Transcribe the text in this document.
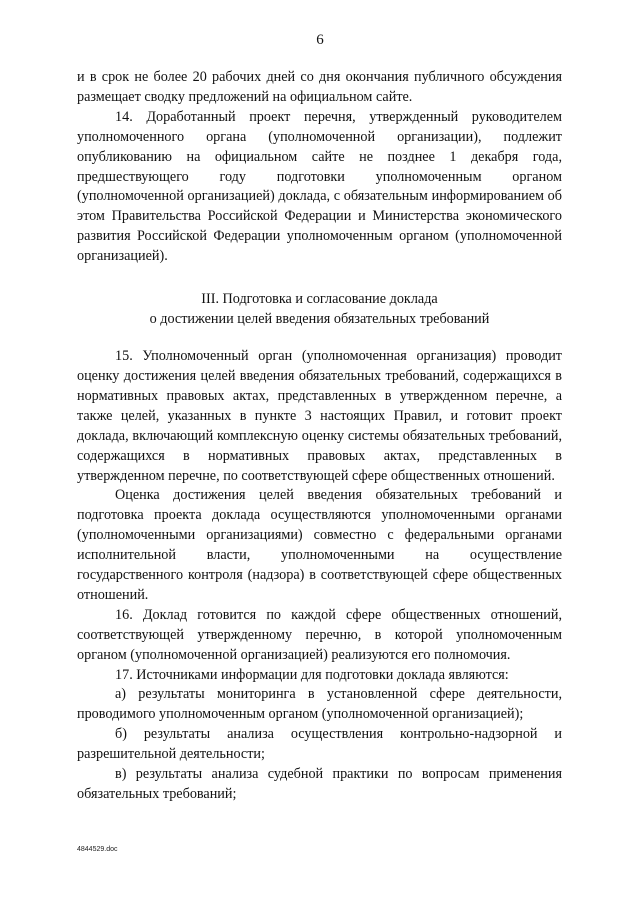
6

и в срок не более 20 рабочих дней со дня окончания публичного обсуждения размещает сводку предложений на официальном сайте.

14. Доработанный проект перечня, утвержденный руководителем уполномоченного органа (уполномоченной организации), подлежит опубликованию на официальном сайте не позднее 1 декабря года, предшествующего году подготовки уполномоченным органом (уполномоченной организацией) доклада, с обязательным информированием об этом Правительства Российской Федерации и Министерства экономического развития Российской Федерации уполномоченным органом (уполномоченной организацией).

III. Подготовка и согласование доклада
о достижении целей введения обязательных требований

15. Уполномоченный орган (уполномоченная организация) проводит оценку достижения целей введения обязательных требований, содержащихся в нормативных правовых актах, представленных в утвержденном перечне, а также целей, указанных в пункте 3 настоящих Правил, и готовит проект доклада, включающий комплексную оценку системы обязательных требований, содержащихся в нормативных правовых актах, представленных в утвержденном перечне, по соответствующей сфере общественных отношений.

Оценка достижения целей введения обязательных требований и подготовка проекта доклада осуществляются уполномоченными органами (уполномоченными организациями) совместно с федеральными органами исполнительной власти, уполномоченными на осуществление государственного контроля (надзора) в соответствующей сфере общественных отношений.

16. Доклад готовится по каждой сфере общественных отношений, соответствующей утвержденному перечню, в которой уполномоченным органом (уполномоченной организацией) реализуются его полномочия.

17. Источниками информации для подготовки доклада являются:

а) результаты мониторинга в установленной сфере деятельности, проводимого уполномоченным органом (уполномоченной организацией);

б) результаты анализа осуществления контрольно-надзорной и разрешительной деятельности;

в) результаты анализа судебной практики по вопросам применения обязательных требований;

4844529.doc
